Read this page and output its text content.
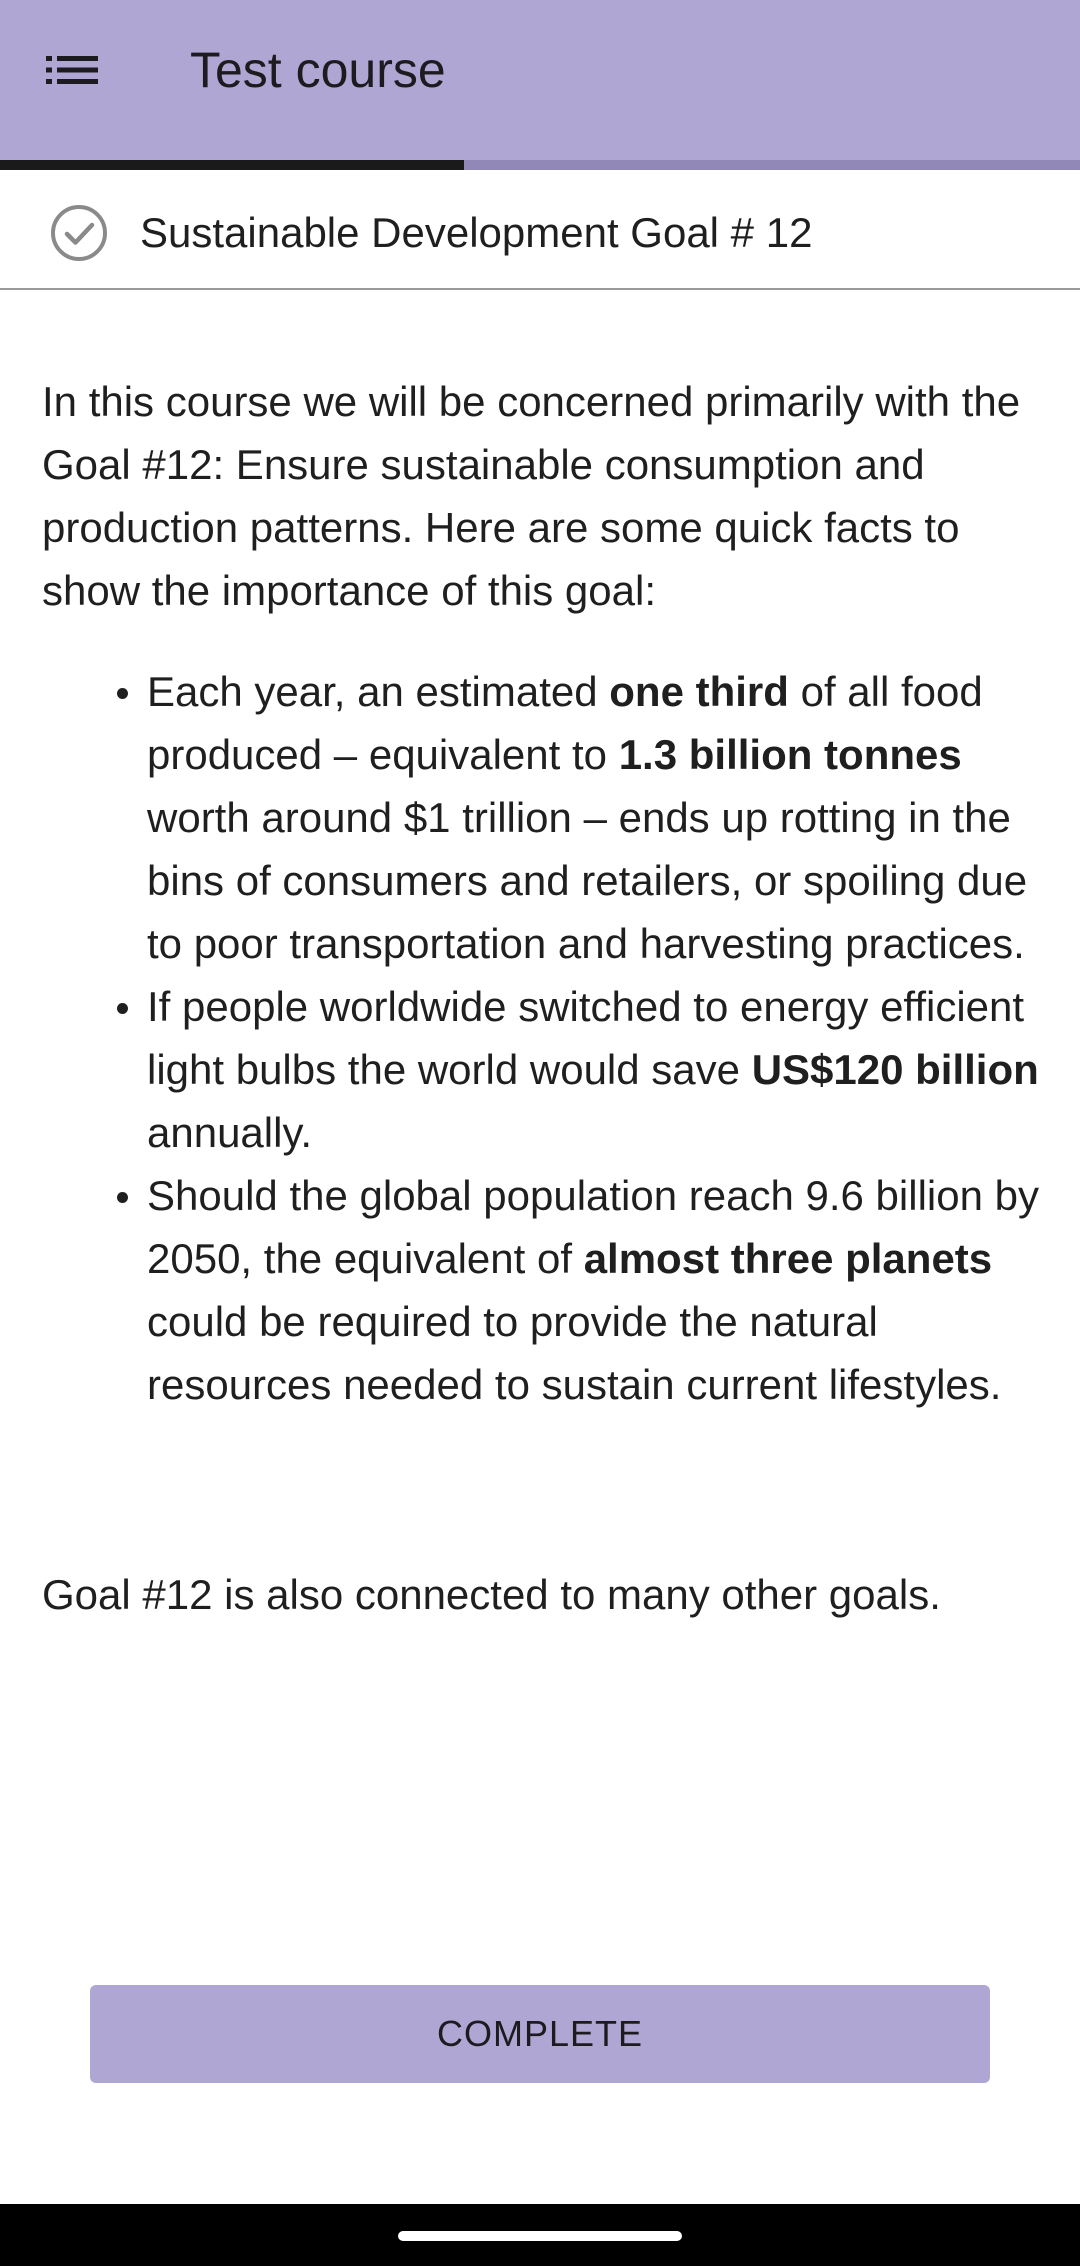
Test course
Sustainable Development Goal # 12

In this course we will be concerned primarily with the Goal #12: Ensure sustainable consumption and production patterns. Here are some quick facts to show the importance of this goal:

Each year, an estimated one third of all food produced – equivalent to 1.3 billion tonnes worth around $1 trillion – ends up rotting in the bins of consumers and retailers, or spoiling due to poor transportation and harvesting practices.
If people worldwide switched to energy efficient light bulbs the world would save US$120 billion annually.
Should the global population reach 9.6 billion by 2050, the equivalent of almost three planets could be required to provide the natural resources needed to sustain current lifestyles.

Goal #12 is also connected to many other goals.

COMPLETE
